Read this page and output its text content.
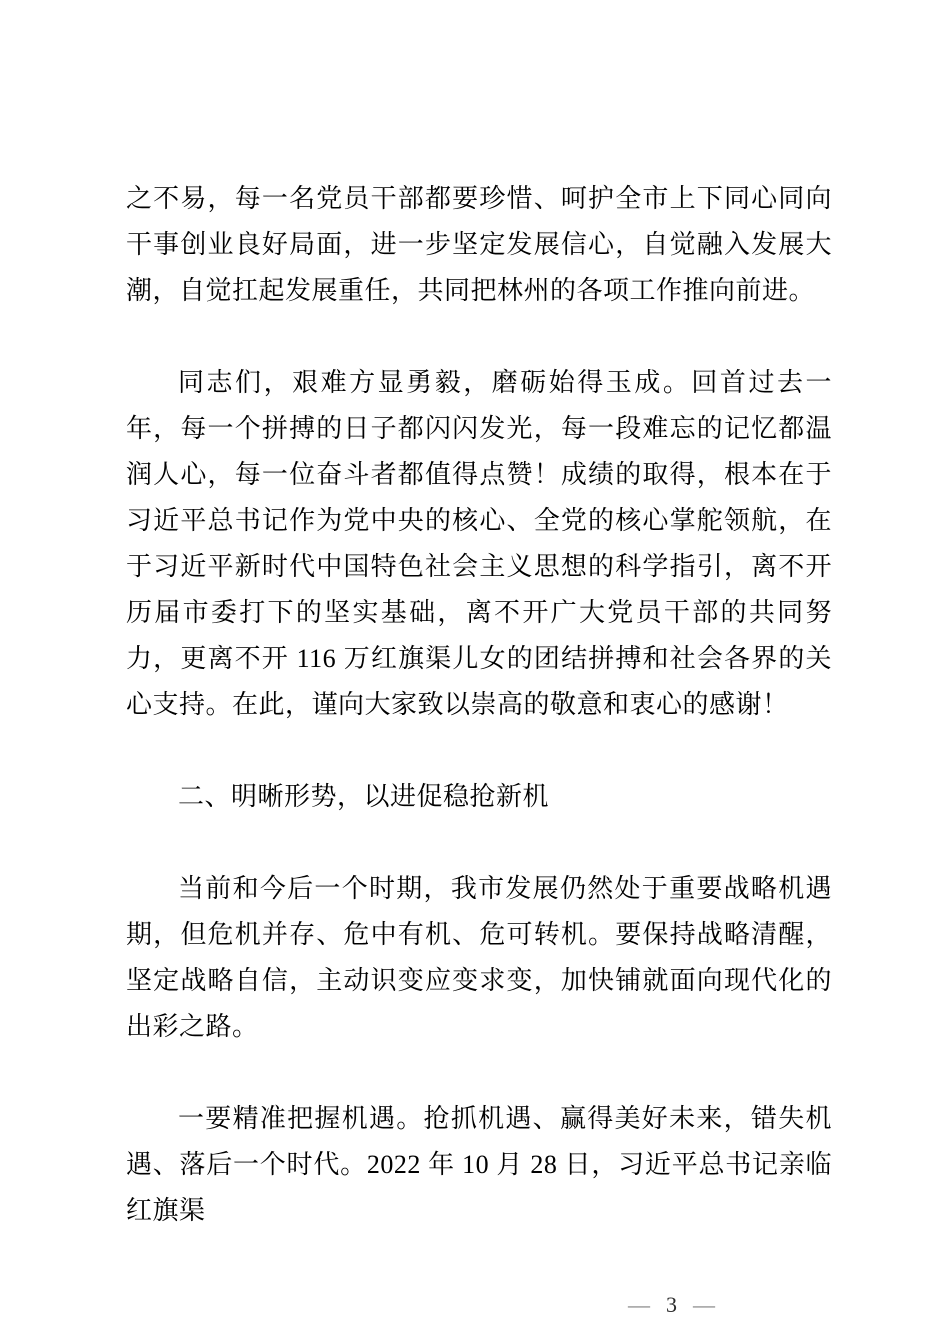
之不易，每一名党员干部都要珍惜、呵护全市上下同心同向干事创业良好局面，进一步坚定发展信心，自觉融入发展大潮，自觉扛起发展重任，共同把林州的各项工作推向前进。

同志们，艰难方显勇毅，磨砺始得玉成。回首过去一年，每一个拼搏的日子都闪闪发光，每一段难忘的记忆都温润人心，每一位奋斗者都值得点赞！成绩的取得，根本在于习近平总书记作为党中央的核心、全党的核心掌舵领航，在于习近平新时代中国特色社会主义思想的科学指引，离不开历届市委打下的坚实基础，离不开广大党员干部的共同努力，更离不开 116 万红旗渠儿女的团结拼搏和社会各界的关心支持。在此，谨向大家致以崇高的敬意和衷心的感谢！

二、明晰形势，以进促稳抢新机

当前和今后一个时期，我市发展仍然处于重要战略机遇期，但危机并存、危中有机、危可转机。要保持战略清醒，坚定战略自信，主动识变应变求变，加快铺就面向现代化的出彩之路。

一要精准把握机遇。抢抓机遇、赢得美好未来，错失机遇、落后一个时代。2022 年 10 月 28 日，习近平总书记亲临红旗渠

— 3 —
